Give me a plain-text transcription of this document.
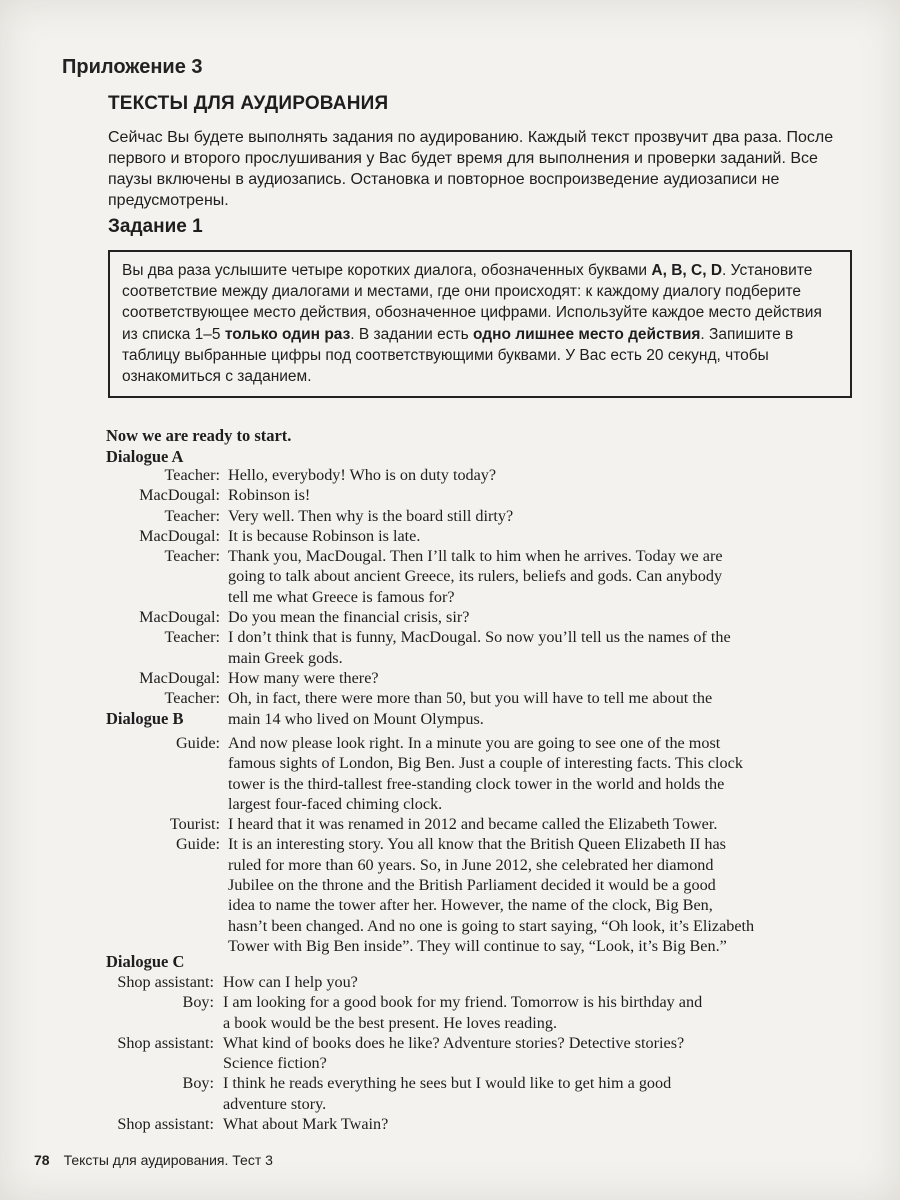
Приложение 3
ТЕКСТЫ ДЛЯ АУДИРОВАНИЯ
Сейчас Вы будете выполнять задания по аудированию. Каждый текст прозвучит два раза. После первого и второго прослушивания у Вас будет время для выполнения и проверки заданий. Все паузы включены в аудиозапись. Остановка и повторное воспроизведение аудиозаписи не предусмотрены.
Задание 1
Вы два раза услышите четыре коротких диалога, обозначенных буквами A, B, C, D. Установите соответствие между диалогами и местами, где они происходят: к каждому диалогу подберите соответствующее место действия, обозначенное цифрами. Используйте каждое место действия из списка 1–5 только один раз. В задании есть одно лишнее место действия. Запишите в таблицу выбранные цифры под соответствующими буквами. У Вас есть 20 секунд, чтобы ознакомиться с заданием.
Now we are ready to start.
Dialogue A
Teacher: Hello, everybody! Who is on duty today?
MacDougal: Robinson is!
Teacher: Very well. Then why is the board still dirty?
MacDougal: It is because Robinson is late.
Teacher: Thank you, MacDougal. Then I’ll talk to him when he arrives. Today we are
going to talk about ancient Greece, its rulers, beliefs and gods. Can anybody
tell me what Greece is famous for?
MacDougal: Do you mean the financial crisis, sir?
Teacher: I don’t think that is funny, MacDougal. So now you’ll tell us the names of the
main Greek gods.
MacDougal: How many were there?
Teacher: Oh, in fact, there were more than 50, but you will have to tell me about the
main 14 who lived on Mount Olympus.
Dialogue B
Guide: And now please look right. In a minute you are going to see one of the most
famous sights of London, Big Ben. Just a couple of interesting facts. This clock
tower is the third-tallest free-standing clock tower in the world and holds the
largest four-faced chiming clock.
Tourist: I heard that it was renamed in 2012 and became called the Elizabeth Tower.
Guide: It is an interesting story. You all know that the British Queen Elizabeth II has
ruled for more than 60 years. So, in June 2012, she celebrated her diamond
Jubilee on the throne and the British Parliament decided it would be a good
idea to name the tower after her. However, the name of the clock, Big Ben,
hasn’t been changed. And no one is going to start saying, “Oh look, it’s Elizabeth
Tower with Big Ben inside”. They will continue to say, “Look, it’s Big Ben.”
Dialogue C
Shop assistant: How can I help you?
Boy: I am looking for a good book for my friend. Tomorrow is his birthday and
a book would be the best present. He loves reading.
Shop assistant: What kind of books does he like? Adventure stories? Detective stories?
Science fiction?
Boy: I think he reads everything he sees but I would like to get him a good
adventure story.
Shop assistant: What about Mark Twain?
78 Тексты для аудирования. Тест 3
